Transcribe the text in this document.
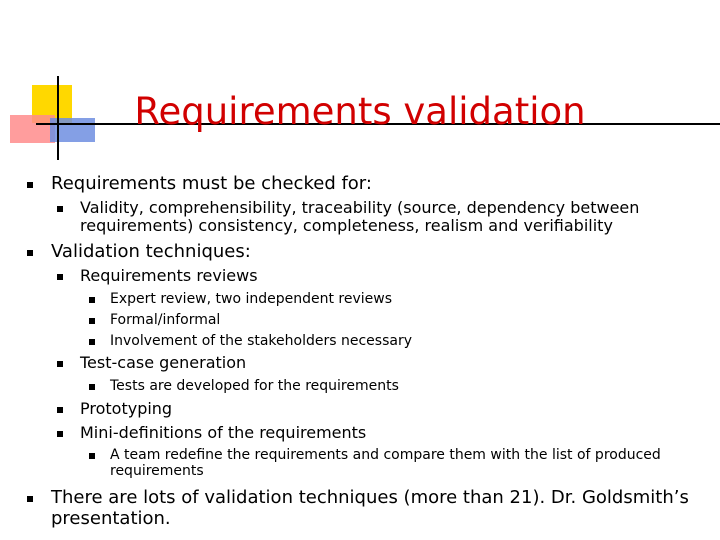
Requirements validation
Requirements must be checked for:
Validity, comprehensibility, traceability (source, dependency between requirements) consistency, completeness, realism and verifiability
Validation techniques:
Requirements reviews
Expert review, two independent reviews
Formal/informal
Involvement of the stakeholders necessary
Test-case generation
Tests are developed for the requirements
Prototyping
Mini-definitions of the requirements
A team redefine the requirements and compare them with the list of produced requirements
There are lots of validation techniques (more than 21). Dr. Goldsmith’s presentation.
